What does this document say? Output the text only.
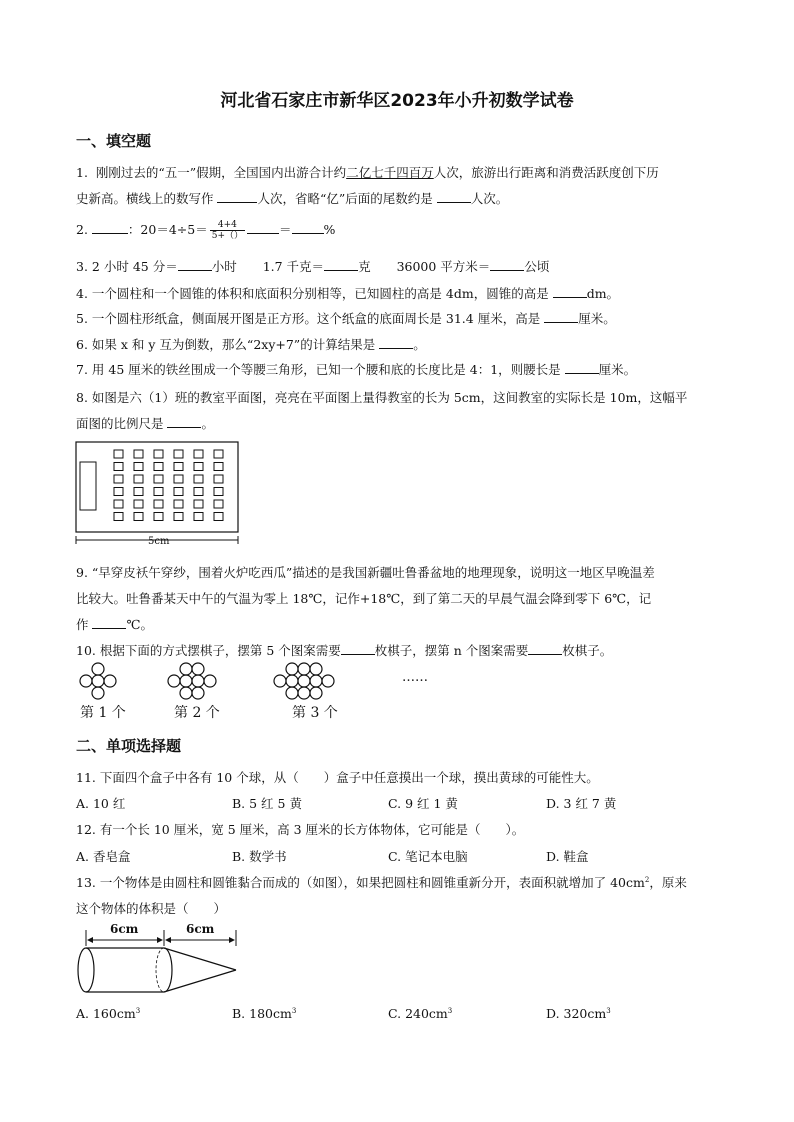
河北省石家庄市新华区2023年小升初数学试卷
一、填空题
1. 刚刚过去的“五一”假期，全国国内出游合计约二亿七千四百万人次，旅游出行距离和消费活跃度创下历
史新高。横线上的数写作	人次，省略“亿”后面的尾数约是	人次。
2.	：$20=4\div 5= \frac{4+4}{5+()}$	＝	%
3. 2 小时 45 分＝	小时 1.7 千克＝	克 36000 平方米＝	公顷
4. 一个圆柱和一个圆锥的体积和底面积分别相等，已知圆柱的高是 4dm，圆锥的高是	dm。
5. 一个圆柱形纸盒，侧面展开图是正方形。这个纸盒的底面周长是 31.4 厘米，高是	厘米。
6. 如果 x 和 y 互为倒数，那么“2xy+7”的计算结果是	。
7. 用 45 厘米的铁丝围成一个等腰三角形，已知一个腰和底的长度比是 4：1，则腰长是	厘米。
8. 如图是六（1）班的教室平面图，亮亮在平面图上量得教室的长为 5cm，这间教室的实际长是 10m，这幅平
面图的比例尺是	。
5cm
9. “早穿皮袄午穿纱，围着火炉吃西瓜”描述的是我国新疆吐鲁番盆地的地理现象，说明这一地区早晚温差
比较大。吐鲁番某天中午的气温为零上 18℃，记作+18℃，到了第二天的早晨气温会降到零下 6℃，记
作	℃。
10. 根据下面的方式摆棋子，摆第 5 个图案需要	枚棋子，摆第 n 个图案需要	枚棋子。
……
第 1 个	第 2 个	第 3 个
二、单项选择题
11. 下面四个盒子中各有 10 个球，从（　　）盒子中任意摸出一个球，摸出黄球的可能性大。
A. 10 红	B. 5 红 5 黄	C. 9 红 1 黄	D. 3 红 7 黄
12. 有一个长 10 厘米，宽 5 厘米，高 3 厘米的长方体物体，它可能是（　　）。
A. 香皂盒	B. 数学书	C. 笔记本电脑	D. 鞋盒
13. 一个物体是由圆柱和圆锥黏合而成的（如图），如果把圆柱和圆锥重新分开，表面积就增加了 $40cm^2$，原来
这个物体的体积是（　　）
6cm	6cm
A. $160cm^3$	B. $180cm^3$	C. $240cm^3$	D. $320cm^3$
